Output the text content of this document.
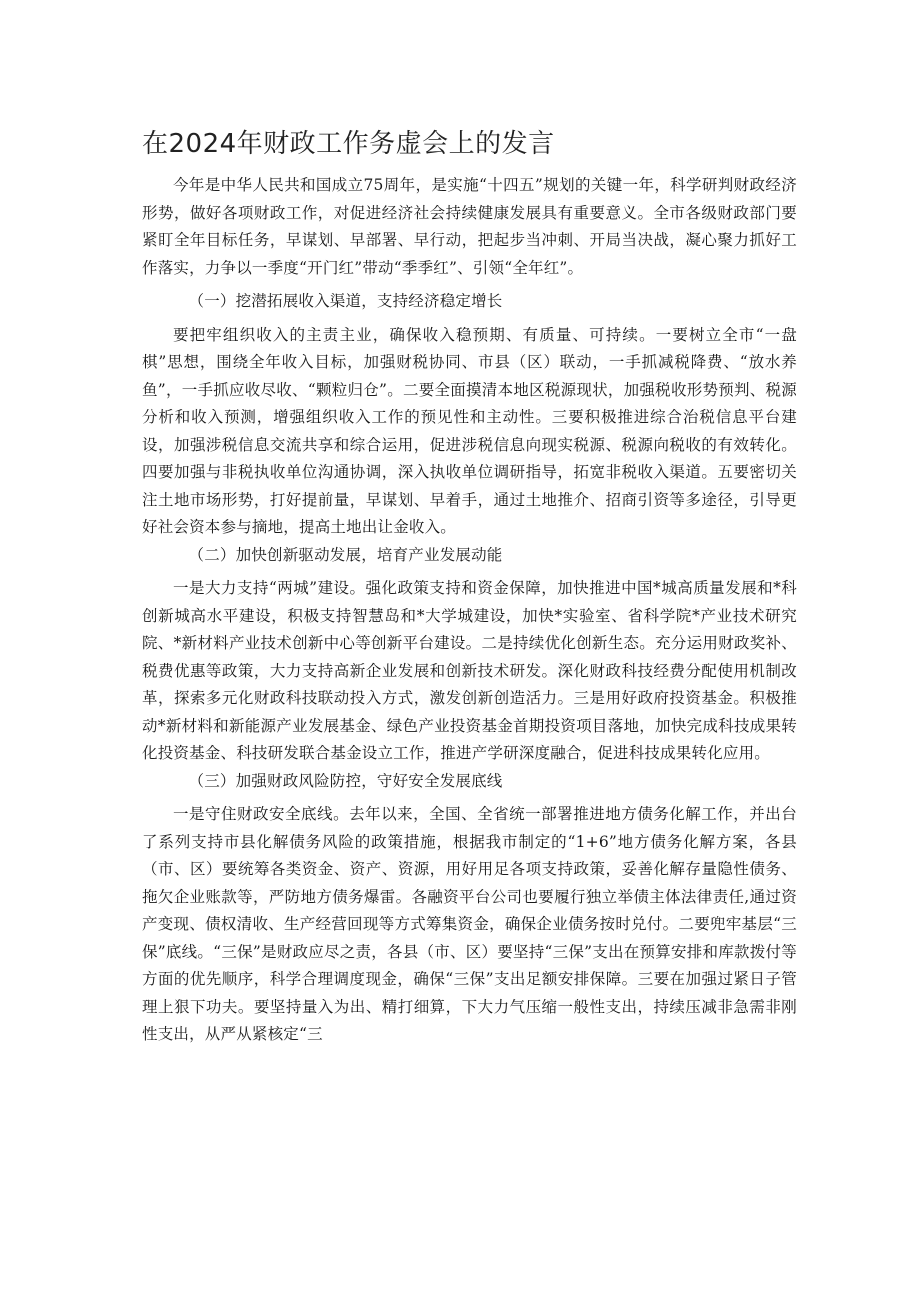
在2024年财政工作务虚会上的发言

今年是中华人民共和国成立75周年，是实施“十四五”规划的关键一年，科学研判财政经济形势，做好各项财政工作，对促进经济社会持续健康发展具有重要意义。全市各级财政部门要紧盯全年目标任务，早谋划、早部署、早行动，把起步当冲刺、开局当决战，凝心聚力抓好工作落实，力争以一季度“开门红”带动“季季红”、引领“全年红”。

（一）挖潜拓展收入渠道，支持经济稳定增长

要把牢组织收入的主责主业，确保收入稳预期、有质量、可持续。一要树立全市“一盘棋”思想，围绕全年收入目标，加强财税协同、市县（区）联动，一手抓减税降费、“放水养鱼”，一手抓应收尽收、“颗粒归仓”。二要全面摸清本地区税源现状，加强税收形势预判、税源分析和收入预测，增强组织收入工作的预见性和主动性。三要积极推进综合治税信息平台建设，加强涉税信息交流共享和综合运用，促进涉税信息向现实税源、税源向税收的有效转化。四要加强与非税执收单位沟通协调，深入执收单位调研指导，拓宽非税收入渠道。五要密切关注土地市场形势，打好提前量，早谋划、早着手，通过土地推介、招商引资等多途径，引导更好社会资本参与摘地，提高土地出让金收入。

（二）加快创新驱动发展，培育产业发展动能

一是大力支持“两城”建设。强化政策支持和资金保障，加快推进中国*城高质量发展和*科创新城高水平建设，积极支持智慧岛和*大学城建设，加快*实验室、省科学院*产业技术研究院、*新材料产业技术创新中心等创新平台建设。二是持续优化创新生态。充分运用财政奖补、税费优惠等政策，大力支持高新企业发展和创新技术研发。深化财政科技经费分配使用机制改革，探索多元化财政科技联动投入方式，激发创新创造活力。三是用好政府投资基金。积极推动*新材料和新能源产业发展基金、绿色产业投资基金首期投资项目落地，加快完成科技成果转化投资基金、科技研发联合基金设立工作，推进产学研深度融合，促进科技成果转化应用。

（三）加强财政风险防控，守好安全发展底线

一是守住财政安全底线。去年以来，全国、全省统一部署推进地方债务化解工作，并出台了系列支持市县化解债务风险的政策措施，根据我市制定的“1+6”地方债务化解方案，各县（市、区）要统筹各类资金、资产、资源，用好用足各项支持政策，妥善化解存量隐性债务、拖欠企业账款等，严防地方债务爆雷。各融资平台公司也要履行独立举债主体法律责任,通过资产变现、债权清收、生产经营回现等方式筹集资金，确保企业债务按时兑付。二要兜牢基层“三保”底线。“三保”是财政应尽之责，各县（市、区）要坚持“三保”支出在预算安排和库款拨付等方面的优先顺序，科学合理调度现金，确保“三保”支出足额安排保障。三要在加强过紧日子管理上狠下功夫。要坚持量入为出、精打细算，下大力气压缩一般性支出，持续压减非急需非刚性支出，从严从紧核定“三
